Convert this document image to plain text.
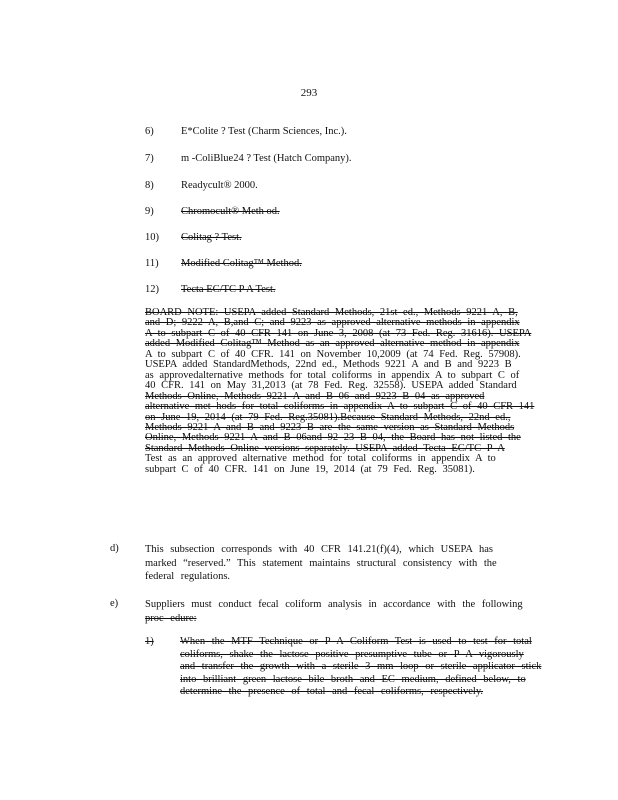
293
6)	E*Colite ? Test (Charm Sciences, Inc.).
7)	m -ColiBlue24 ? Test (Hatch Company).
8)	Readycult® 2000.
9)	Chromocult® Meth od.
10) Colitag ? Test.
11) Modified Colitag™ Method.
12) Tecta EC/TC P A Test.
BOARD NOTE: USEPA added Standard Methods, 21st ed., Methods 9221 A, B,
and D; 9222 A, B,and C; and 9223 as approved alternative methods in appendix
A to subpart C of 40 CFR 141 on June 3, 2008 (at 73 Fed. Reg. 31616). USEPA
added Modified Colitag™ Method as an approved alternative method in appendix
A to subpart C of 40 CFR. 141 on November 10,2009 (at 74 Fed. Reg. 57908).
USEPA added StandardMethods, 22nd ed., Methods 9221 A and B and 9223 B
as approvedalternative methods for total coliforms in appendix A to subpart C of
40 CFR. 141 on May 31,2013 (at 78 Fed. Reg. 32558). USEPA added Standard
Methods Online, Methods 9221 A and B 06 and 9223 B 04 as approved
alternative met hods for total coliforms in appendix A to subpart C of 40 CFR 141
on June 19, 2014 (at 79 Fed. Reg.35081).Because Standard Methods, 22nd ed.,
Methods 9221 A and B and 9223 B are the same version as Standard Methods
Online, Methods 9221 A and B 06and 92 23 B 04, the Board has not listed the
Standard Methods Online versions separately. USEPA added Tecta EC/TC P A
Test as an approved alternative method for total coliforms in appendix A to
subpart C of 40 CFR. 141 on June 19, 2014 (at 79 Fed. Reg. 35081).
d)	This subsection corresponds with 40 CFR 141.21(f)(4), which USEPA has
marked “reserved.” This statement maintains structural consistency with the
federal regulations.
e)	Suppliers must conduct fecal coliform analysis in accordance with the following
proc edure:
1)	When the MTF Technique or P A Coliform Test is used to test for total
coliforms, shake the lactose positive presumptive tube or P A vigorously
and transfer the growth with a sterile 3 mm loop or sterile applicator stick
into brilliant green lactose bile broth and EC medium, defined below, to
determine the presence of total and fecal coliforms, respectively.
